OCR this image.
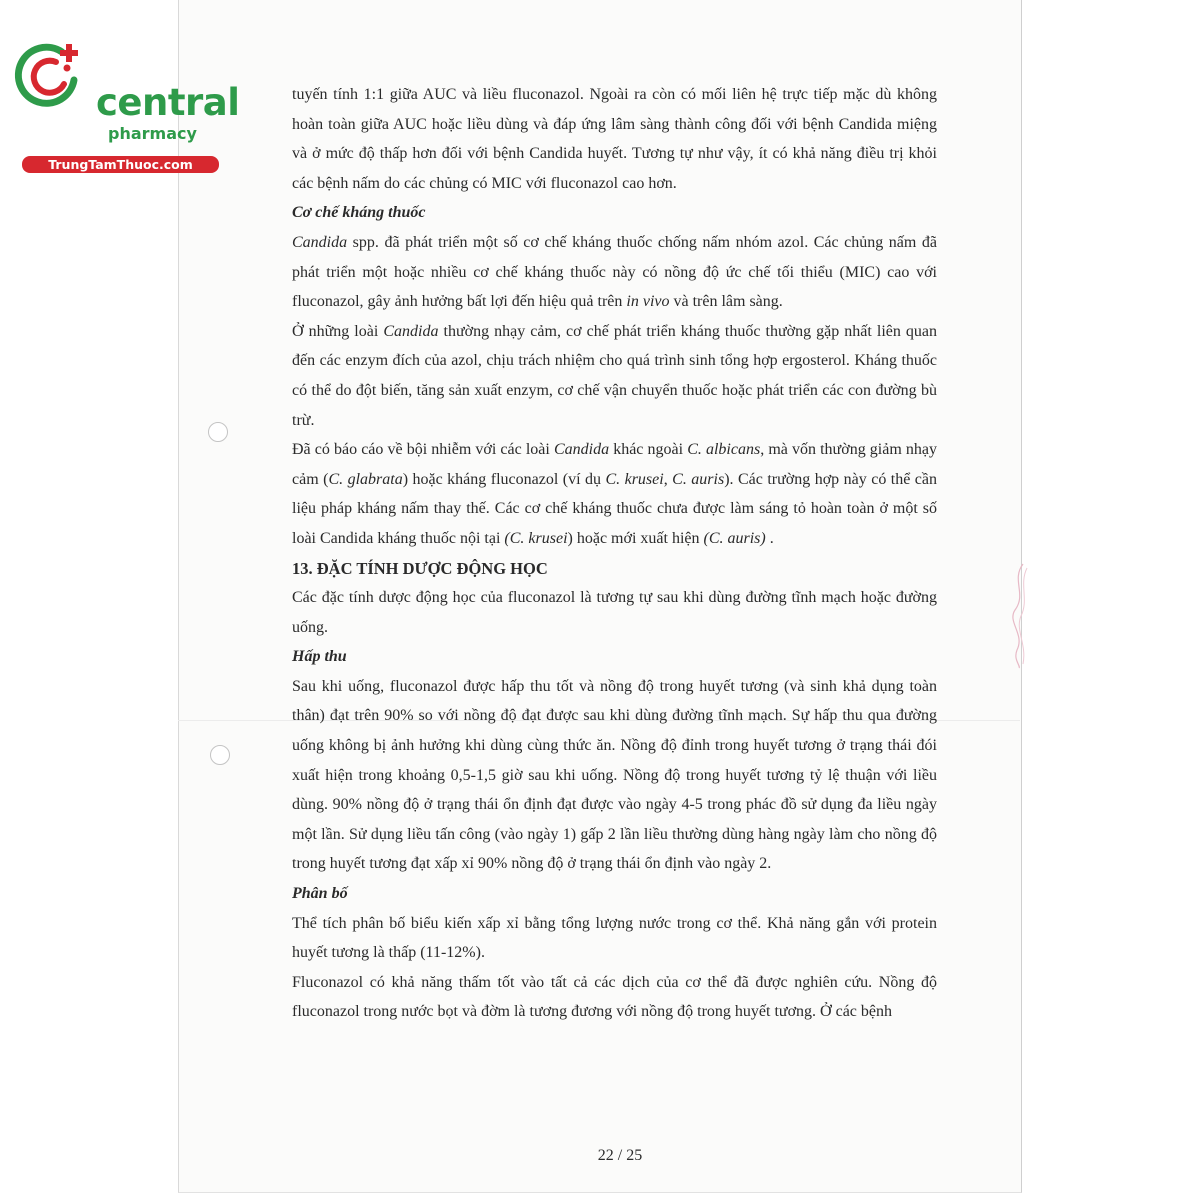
central

pharmacy
TrungTamThuoc.com

tuyến tính 1:1 giữa AUC và liều fluconazol. Ngoài ra còn có mối liên hệ trực tiếp mặc dù không hoàn toàn giữa AUC hoặc liều dùng và đáp ứng lâm sàng thành công đối với bệnh Candida miệng và ở mức độ thấp hơn đối với bệnh Candida huyết. Tương tự như vậy, ít có khả năng điều trị khỏi các bệnh nấm do các chủng có MIC với fluconazol cao hơn.

Cơ chế kháng thuốc

Candida spp. đã phát triển một số cơ chế kháng thuốc chống nấm nhóm azol. Các chủng nấm đã phát triển một hoặc nhiều cơ chế kháng thuốc này có nồng độ ức chế tối thiểu (MIC) cao với fluconazol, gây ảnh hưởng bất lợi đến hiệu quả trên in vivo và trên lâm sàng.

Ở những loài Candida thường nhạy cảm, cơ chế phát triển kháng thuốc thường gặp nhất liên quan đến các enzym đích của azol, chịu trách nhiệm cho quá trình sinh tổng hợp ergosterol. Kháng thuốc có thể do đột biến, tăng sản xuất enzym, cơ chế vận chuyển thuốc hoặc phát triển các con đường bù trừ.

Đã có báo cáo về bội nhiễm với các loài Candida khác ngoài C. albicans, mà vốn thường giảm nhạy cảm (C. glabrata) hoặc kháng fluconazol (ví dụ C. krusei, C. auris). Các trường hợp này có thể cần liệu pháp kháng nấm thay thế. Các cơ chế kháng thuốc chưa được làm sáng tỏ hoàn toàn ở một số loài Candida kháng thuốc nội tại (C. krusei) hoặc mới xuất hiện (C. auris) .

13. ĐẶC TÍNH DƯỢC ĐỘNG HỌC

Các đặc tính dược động học của fluconazol là tương tự sau khi dùng đường tĩnh mạch hoặc đường uống.

Hấp thu

Sau khi uống, fluconazol được hấp thu tốt và nồng độ trong huyết tương (và sinh khả dụng toàn thân) đạt trên 90% so với nồng độ đạt được sau khi dùng đường tĩnh mạch. Sự hấp thu qua đường uống không bị ảnh hưởng khi dùng cùng thức ăn. Nồng độ đỉnh trong huyết tương ở trạng thái đói xuất hiện trong khoảng 0,5-1,5 giờ sau khi uống. Nồng độ trong huyết tương tỷ lệ thuận với liều dùng. 90% nồng độ ở trạng thái ổn định đạt được vào ngày 4-5 trong phác đồ sử dụng đa liều ngày một lần. Sử dụng liều tấn công (vào ngày 1) gấp 2 lần liều thường dùng hàng ngày làm cho nồng độ trong huyết tương đạt xấp xỉ 90% nồng độ ở trạng thái ổn định vào ngày 2.

Phân bố

Thể tích phân bố biểu kiến xấp xỉ bằng tổng lượng nước trong cơ thể. Khả năng gắn với protein huyết tương là thấp (11-12%).

Fluconazol có khả năng thấm tốt vào tất cả các dịch của cơ thể đã được nghiên cứu. Nồng độ fluconazol trong nước bọt và đờm là tương đương với nồng độ trong huyết tương. Ở các bệnh

22 / 25
